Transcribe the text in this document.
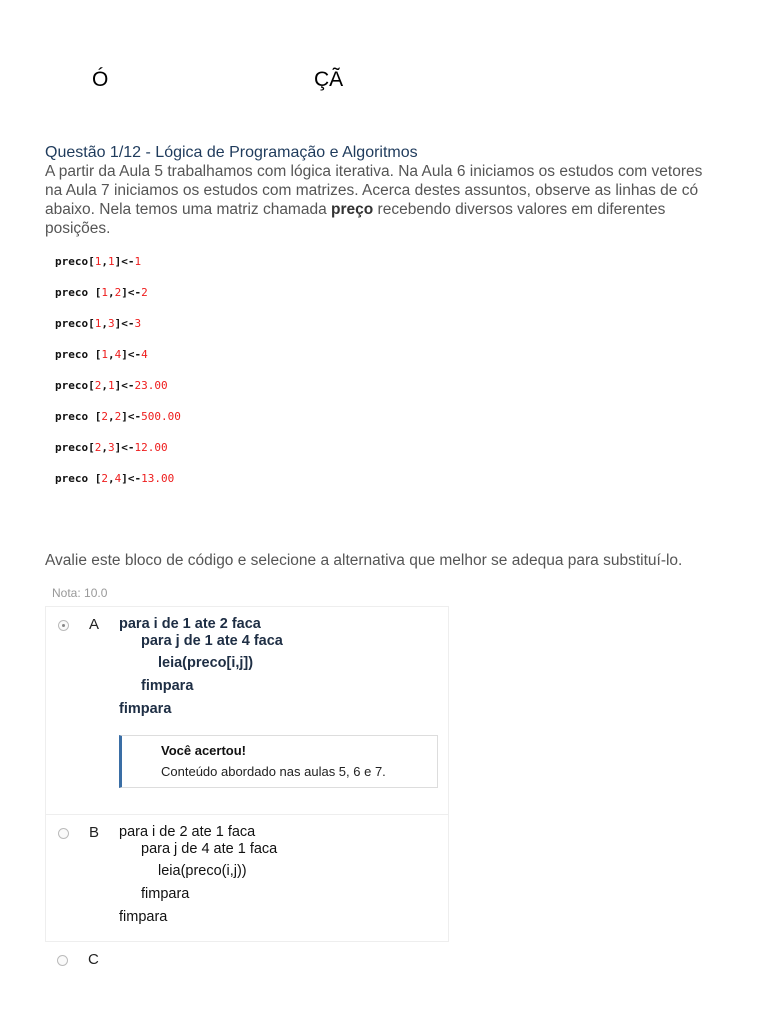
Ó	ÇÃ
Questão 1/12 - Lógica de Programação e Algoritmos
A partir da Aula 5 trabalhamos com lógica iterativa. Na Aula 6 iniciamos os estudos com vetores
na Aula 7 iniciamos os estudos com matrizes. Acerca destes assuntos, observe as linhas de có
abaixo. Nela temos uma matriz chamada preço recebendo diversos valores em diferentes
posições.
preco[1,1]<-1
preco [1,2]<-2
preco[1,3]<-3
preco [1,4]<-4
preco[2,1]<-23.00
preco [2,2]<-500.00
preco[2,3]<-12.00
preco [2,4]<-13.00
Avalie este bloco de código e selecione a alternativa que melhor se adequa para substituí-lo.
Nota: 10.0
A para i de 1 ate 2 faca
para j de 1 ate 4 faca
leia(preco[i,j])
fimpara
fimpara
Você acertou!
Conteúdo abordado nas aulas 5, 6 e 7.
B para i de 2 ate 1 faca
para j de 4 ate 1 faca
leia(preco(i,j))
fimpara
fimpara
C
